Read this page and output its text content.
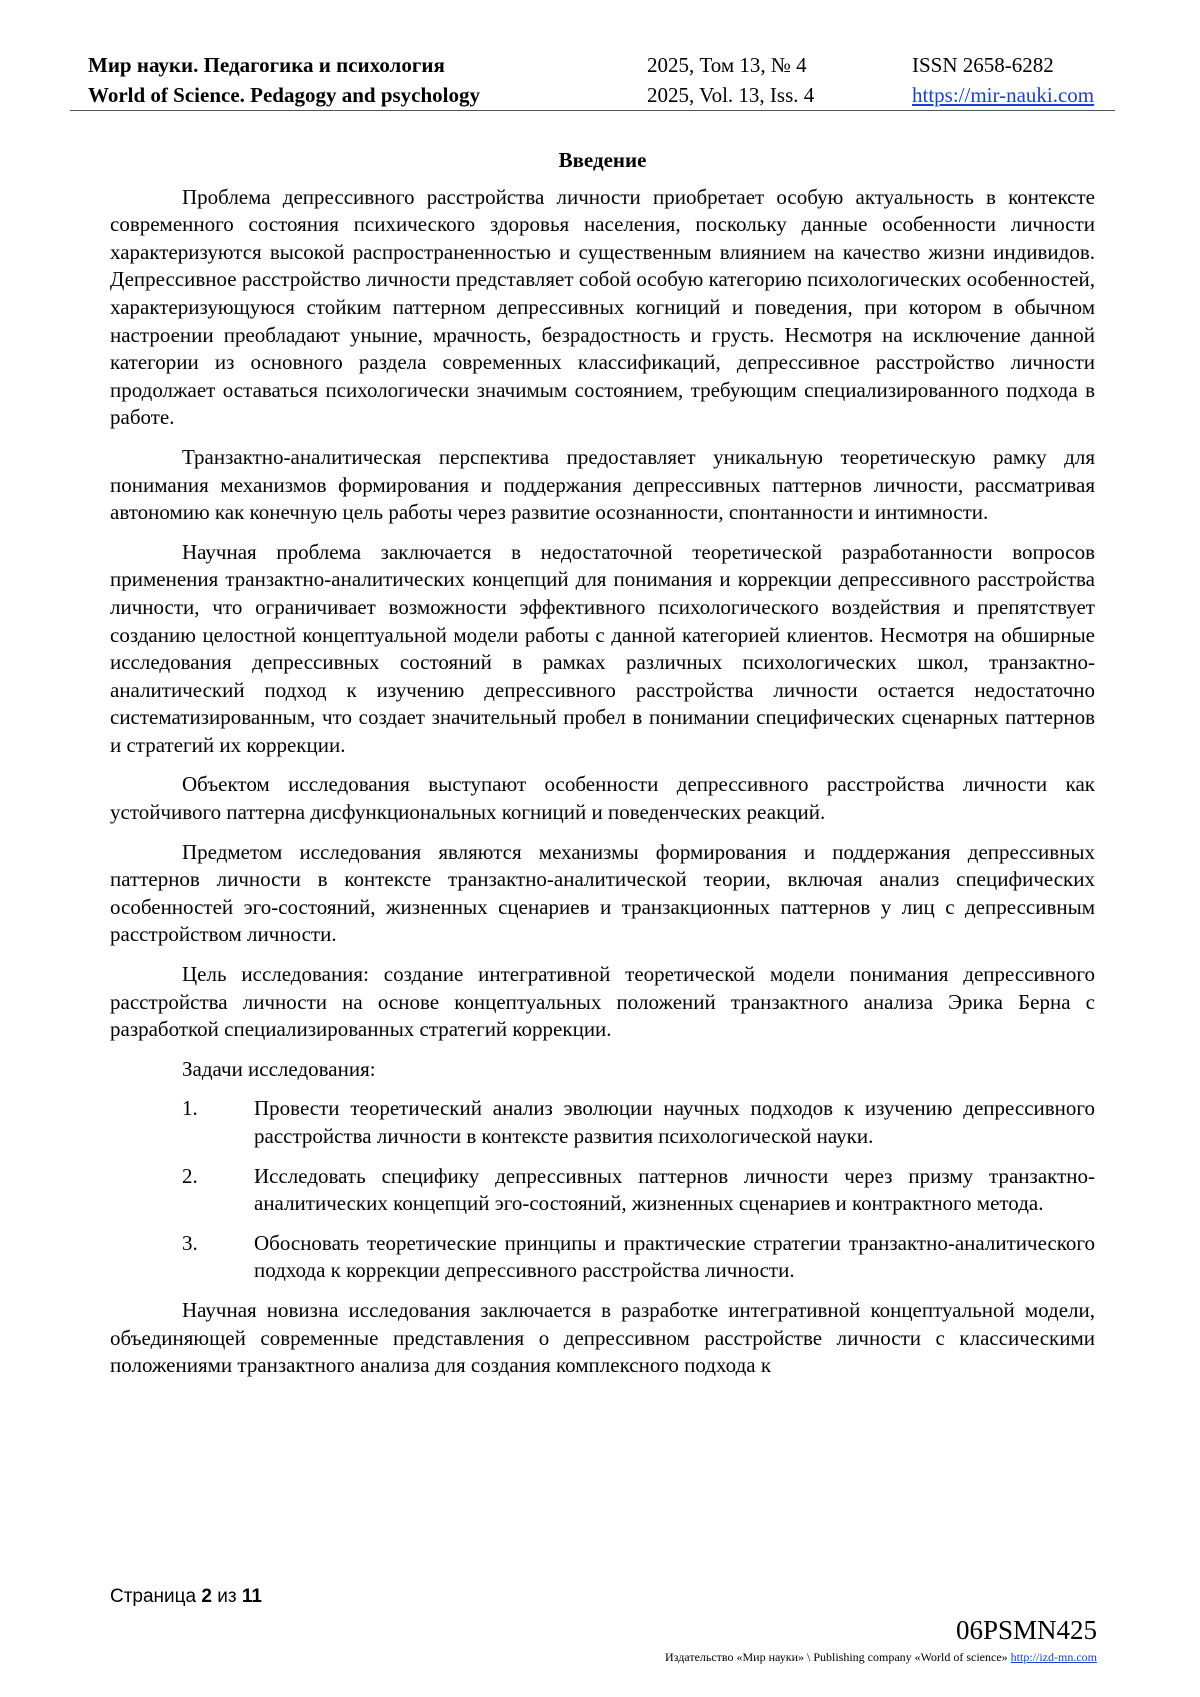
Мир науки. Педагогика и психология
World of Science. Pedagogy and psychology
2025, Том 13, № 4
2025, Vol. 13, Iss. 4
ISSN 2658-6282
https://mir-nauki.com
Введение

Проблема депрессивного расстройства личности приобретает особую актуальность в контексте современного состояния психического здоровья населения, поскольку данные особенности личности характеризуются высокой распространенностью и существенным влиянием на качество жизни индивидов. Депрессивное расстройство личности представляет собой особую категорию психологических особенностей, характеризующуюся стойким паттерном депрессивных когниций и поведения, при котором в обычном настроении преобладают уныние, мрачность, безрадостность и грусть. Несмотря на исключение данной категории из основного раздела современных классификаций, депрессивное расстройство личности продолжает оставаться психологически значимым состоянием, требующим специализированного подхода в работе.

Транзактно-аналитическая перспектива предоставляет уникальную теоретическую рамку для понимания механизмов формирования и поддержания депрессивных паттернов личности, рассматривая автономию как конечную цель работы через развитие осознанности, спонтанности и интимности.

Научная проблема заключается в недостаточной теоретической разработанности вопросов применения транзактно-аналитических концепций для понимания и коррекции депрессивного расстройства личности, что ограничивает возможности эффективного психологического воздействия и препятствует созданию целостной концептуальной модели работы с данной категорией клиентов. Несмотря на обширные исследования депрессивных состояний в рамках различных психологических школ, транзактно-аналитический подход к изучению депрессивного расстройства личности остается недостаточно систематизированным, что создает значительный пробел в понимании специфических сценарных паттернов и стратегий их коррекции.

Объектом исследования выступают особенности депрессивного расстройства личности как устойчивого паттерна дисфункциональных когниций и поведенческих реакций.

Предметом исследования являются механизмы формирования и поддержания депрессивных паттернов личности в контексте транзактно-аналитической теории, включая анализ специфических особенностей эго-состояний, жизненных сценариев и транзакционных паттернов у лиц с депрессивным расстройством личности.

Цель исследования: создание интегративной теоретической модели понимания депрессивного расстройства личности на основе концептуальных положений транзактного анализа Эрика Берна с разработкой специализированных стратегий коррекции.

Задачи исследования:

1.	Провести теоретический анализ эволюции научных подходов к изучению депрессивного расстройства личности в контексте развития психологической науки.
2.	Исследовать специфику депрессивных паттернов личности через призму транзактно-аналитических концепций эго-состояний, жизненных сценариев и контрактного метода.
3.	Обосновать теоретические принципы и практические стратегии транзактно-аналитического подхода к коррекции депрессивного расстройства личности.

Научная новизна исследования заключается в разработке интегративной концептуальной модели, объединяющей современные представления о депрессивном расстройстве личности с классическими положениями транзактного анализа для создания комплексного подхода к

Страница 2 из 11
06PSMN425
Издательство «Мир науки» \ Publishing company «World of science» http://izd-mn.com
